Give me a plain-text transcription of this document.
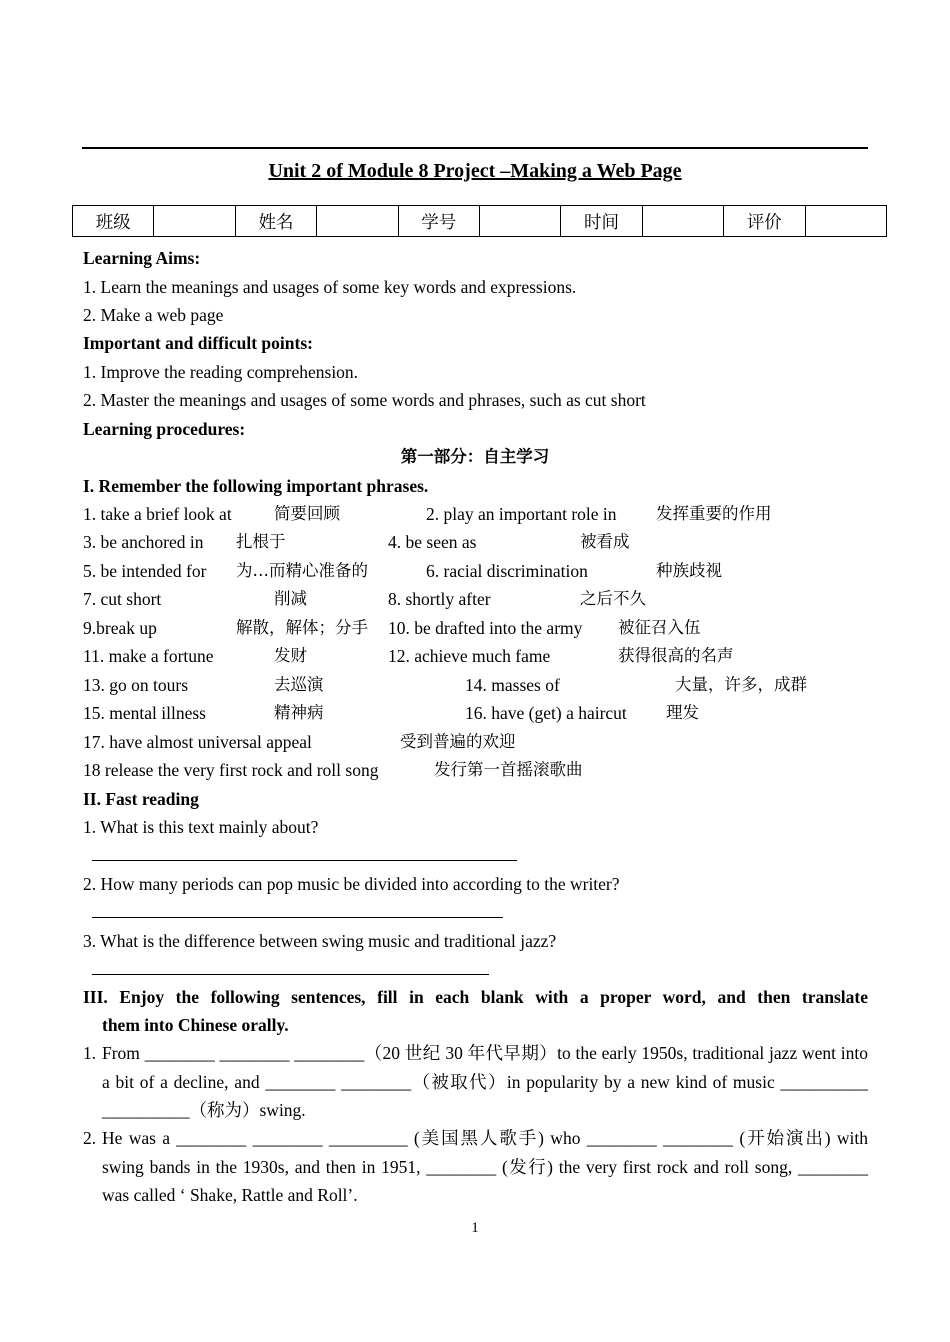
Unit 2 of Module 8 Project –Making a Web Page
班级		姓名		学号		时间		评价	
Learning Aims:
1. Learn the meanings and usages of some key words and expressions.
2. Make a web page
Important and difficult points:
1. Improve the reading comprehension.
2. Master the meanings and usages of some words and phrases, such as cut short
Learning procedures:
第一部分：自主学习
I. Remember the following important phrases.
1. take a brief look at	简要回顾	2. play an important role in 发挥重要的作用
3. be anchored in 扎根于	4. be seen as	被看成
5. be intended for 为…而精心准备的	6. racial discrimination	种族歧视
7. cut short	削减	8. shortly after	之后不久
9.break up	解散，解体；分手 10. be drafted into the army 被征召入伍
11. make a fortune	发财	12. achieve much fame	获得很高的名声
13. go on tours	去巡演	14. masses of	大量，许多，成群
15. mental illness	精神病	16. have (get) a haircut 理发
17. have almost universal appeal	受到普遍的欢迎
18 release the very first rock and roll song	发行第一首摇滚歌曲
II. Fast reading
1. What is this text mainly about?
2. How many periods can pop music be divided into according to the writer?
3. What is the difference between swing music and traditional jazz?
III. Enjoy the following sentences, fill in each blank with a proper word, and then translate
them into Chinese orally.
1. From ________ ________ ________（20 世纪 30 年代早期）to the early 1950s, traditional jazz went into a bit of a decline, and ________ ________（被取代）in popularity by a new kind of music __________ __________（称为）swing.
2. He was a ________ ________ _________ (美国黑人歌手) who ________ ________ (开始演出) with swing bands in the 1930s, and then in 1951, ________ (发行) the very first rock and roll song, ________ was called ‘ Shake, Rattle and Roll’.
1
